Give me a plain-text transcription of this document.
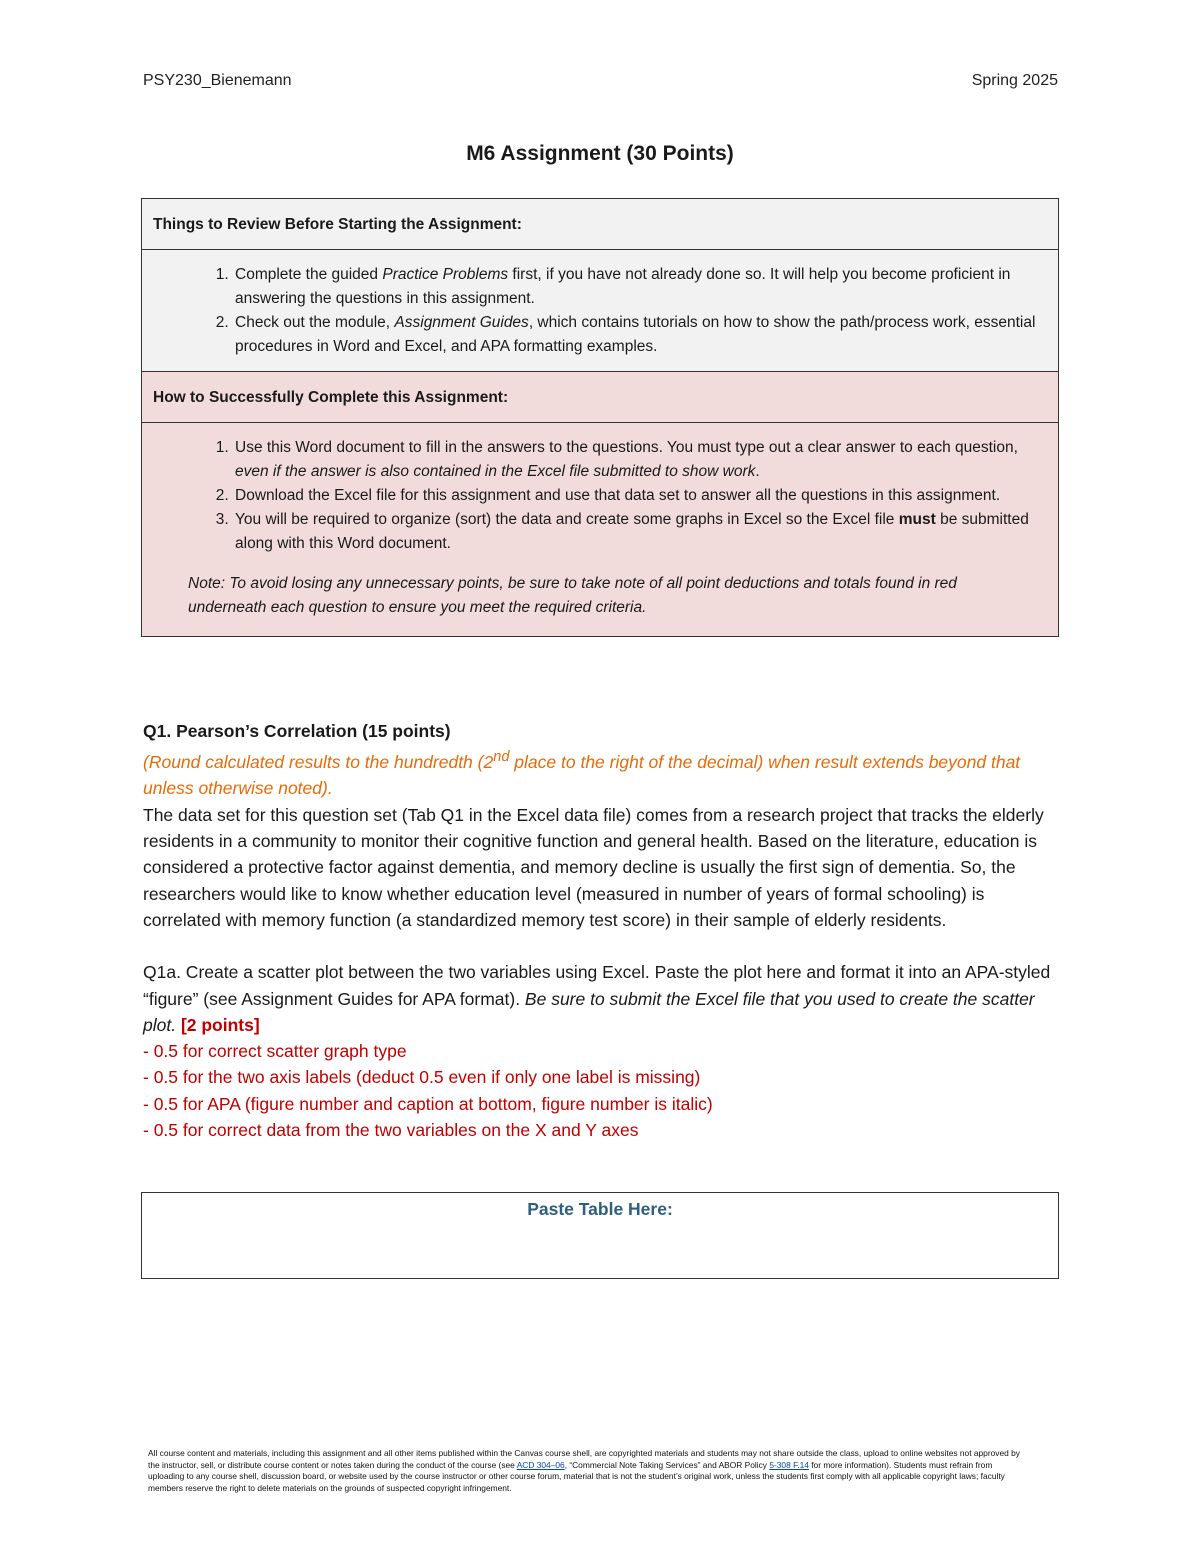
PSY230_Bienemann	Spring 2025
M6 Assignment (30 Points)
Things to Review Before Starting the Assignment:
1. Complete the guided Practice Problems first, if you have not already done so. It will help you become proficient in answering the questions in this assignment.
2. Check out the module, Assignment Guides, which contains tutorials on how to show the path/process work, essential procedures in Word and Excel, and APA formatting examples.
How to Successfully Complete this Assignment:
1. Use this Word document to fill in the answers to the questions. You must type out a clear answer to each question, even if the answer is also contained in the Excel file submitted to show work.
2. Download the Excel file for this assignment and use that data set to answer all the questions in this assignment.
3. You will be required to organize (sort) the data and create some graphs in Excel so the Excel file must be submitted along with this Word document.
Note: To avoid losing any unnecessary points, be sure to take note of all point deductions and totals found in red underneath each question to ensure you meet the required criteria.
Q1. Pearson’s Correlation (15 points)
(Round calculated results to the hundredth (2nd place to the right of the decimal) when result extends beyond that unless otherwise noted).
The data set for this question set (Tab Q1 in the Excel data file) comes from a research project that tracks the elderly residents in a community to monitor their cognitive function and general health. Based on the literature, education is considered a protective factor against dementia, and memory decline is usually the first sign of dementia. So, the researchers would like to know whether education level (measured in number of years of formal schooling) is correlated with memory function (a standardized memory test score) in their sample of elderly residents.
Q1a. Create a scatter plot between the two variables using Excel. Paste the plot here and format it into an APA-styled “figure” (see Assignment Guides for APA format). Be sure to submit the Excel file that you used to create the scatter plot. [2 points]
- 0.5 for correct scatter graph type
- 0.5 for the two axis labels (deduct 0.5 even if only one label is missing)
- 0.5 for APA (figure number and caption at bottom, figure number is italic)
- 0.5 for correct data from the two variables on the X and Y axes
Paste Table Here:
All course content and materials, including this assignment and all other items published within the Canvas course shell, are copyrighted materials and students may not share outside the class, upload to online websites not approved by the instructor, sell, or distribute course content or notes taken during the conduct of the course (see ACD 304–06, “Commercial Note Taking Services” and ABOR Policy 5-308 F.14 for more information). Students must refrain from uploading to any course shell, discussion board, or website used by the course instructor or other course forum, material that is not the student’s original work, unless the students first comply with all applicable copyright laws; faculty members reserve the right to delete materials on the grounds of suspected copyright infringement.
